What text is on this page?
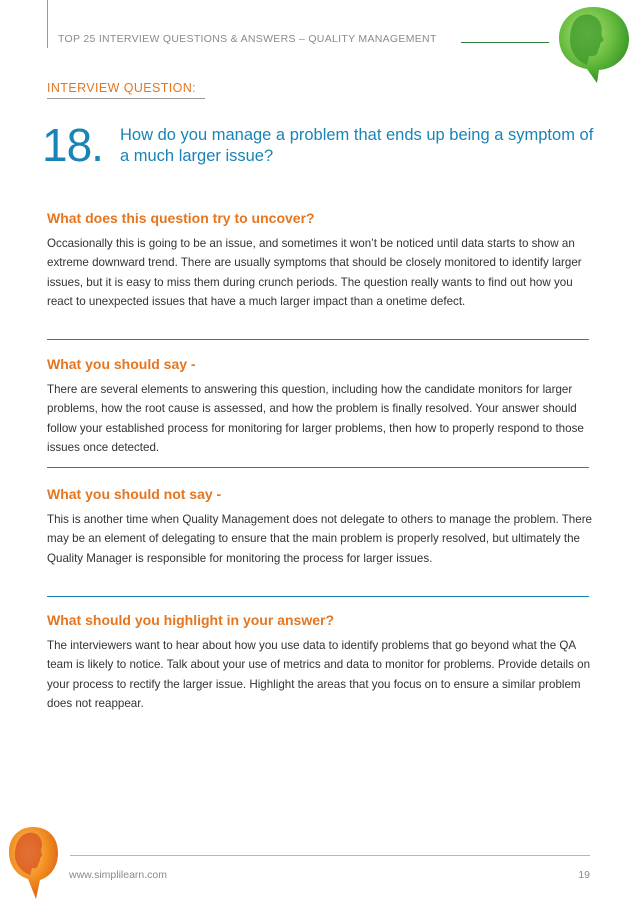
TOP 25 INTERVIEW QUESTIONS & ANSWERS – QUALITY MANAGEMENT
INTERVIEW QUESTION:
18. How do you manage a problem that ends up being a symptom of a much larger issue?
What does this question try to uncover?

Occasionally this is going to be an issue, and sometimes it won’t be noticed until data starts to show an extreme downward trend. There are usually symptoms that should be closely monitored to identify larger issues, but it is easy to miss them during crunch periods. The question really wants to find out how you react to unexpected issues that have a much larger impact than a onetime defect.

What you should say -

There are several elements to answering this question, including how the candidate monitors for larger problems, how the root cause is assessed, and how the problem is finally resolved. Your answer should follow your established process for monitoring for larger problems, then how to properly respond to those issues once detected.

What you should not say -

This is another time when Quality Management does not delegate to others to manage the problem. There may be an element of delegating to ensure that the main problem is properly resolved, but ultimately the Quality Manager is responsible for monitoring the process for larger issues.

What should you highlight in your answer?

The interviewers want to hear about how you use data to identify problems that go beyond what the QA team is likely to notice. Talk about your use of metrics and data to monitor for problems. Provide details on your process to rectify the larger issue. Highlight the areas that you focus on to ensure a similar problem does not reappear.

www.simplilearn.com	19
